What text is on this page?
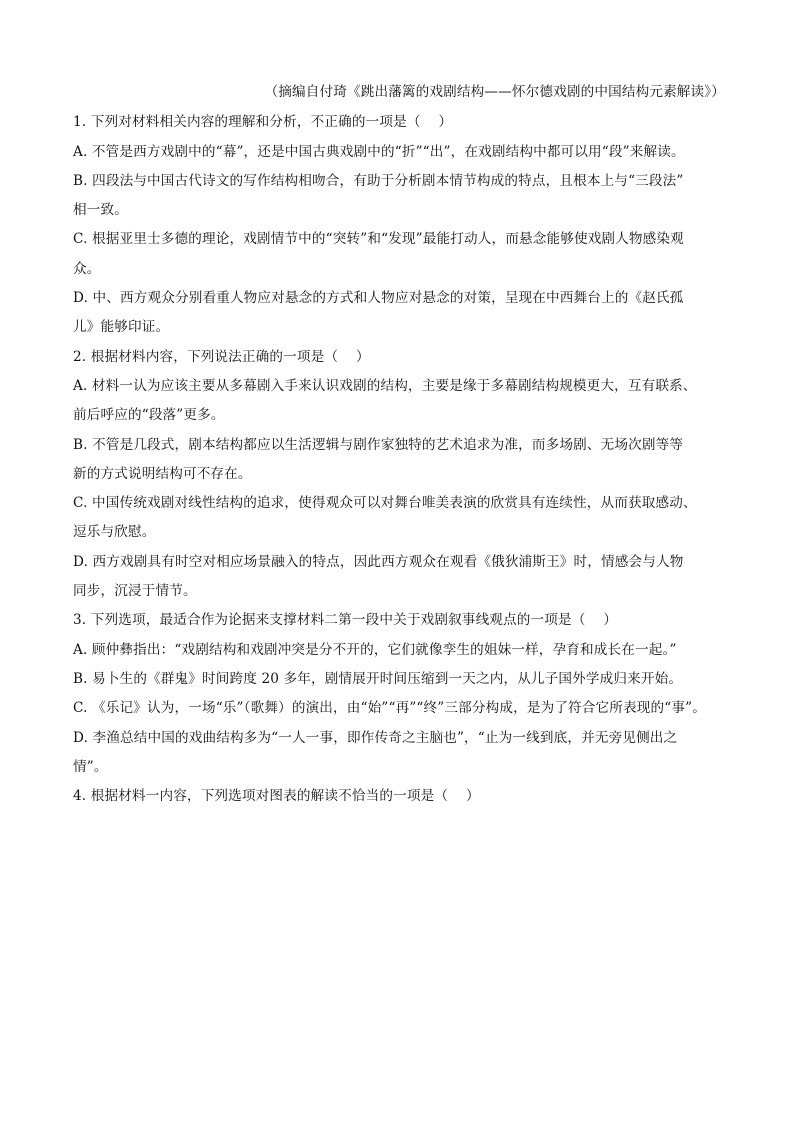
（摘编自付琦《跳出藩篱的戏剧结构——怀尔德戏剧的中国结构元素解读》）
1. 下列对材料相关内容的理解和分析，不正确的一项是（    ）
A. 不管是西方戏剧中的“幕”，还是中国古典戏剧中的“折”“出”，在戏剧结构中都可以用“段”来解读。
B. 四段法与中国古代诗文的写作结构相吻合，有助于分析剧本情节构成的特点，且根本上与“三段法”
相一致。
C. 根据亚里士多德的理论，戏剧情节中的“突转”和“发现”最能打动人，而悬念能够使戏剧人物感染观
众。
D. 中、西方观众分别看重人物应对悬念的方式和人物应对悬念的对策，呈现在中西舞台上的《赵氏孤
儿》能够印证。
2. 根据材料内容，下列说法正确的一项是（    ）
A. 材料一认为应该主要从多幕剧入手来认识戏剧的结构，主要是缘于多幕剧结构规模更大，互有联系、
前后呼应的“段落”更多。
B. 不管是几段式，剧本结构都应以生活逻辑与剧作家独特的艺术追求为准，而多场剧、无场次剧等等
新的方式说明结构可不存在。
C. 中国传统戏剧对线性结构的追求，使得观众可以对舞台唯美表演的欣赏具有连续性，从而获取感动、
逗乐与欣慰。
D. 西方戏剧具有时空对相应场景融入的特点，因此西方观众在观看《俄狄浦斯王》时，情感会与人物
同步，沉浸于情节。
3. 下列选项，最适合作为论据来支撑材料二第一段中关于戏剧叙事线观点的一项是（    ）
A. 顾仲彝指出：“戏剧结构和戏剧冲突是分不开的，它们就像孪生的姐妹一样，孕育和成长在一起。”
B. 易卜生的《群鬼》时间跨度 20 多年，剧情展开时间压缩到一天之内，从儿子国外学成归来开始。
C. 《乐记》认为，一场“乐”（歌舞）的演出，由“始”“再”“终”三部分构成，是为了符合它所表现的“事”。
D. 李渔总结中国的戏曲结构多为“一人一事，即作传奇之主脑也”，“止为一线到底，并无旁见侧出之
情”。
4. 根据材料一内容，下列选项对图表的解读不恰当的一项是（    ）
